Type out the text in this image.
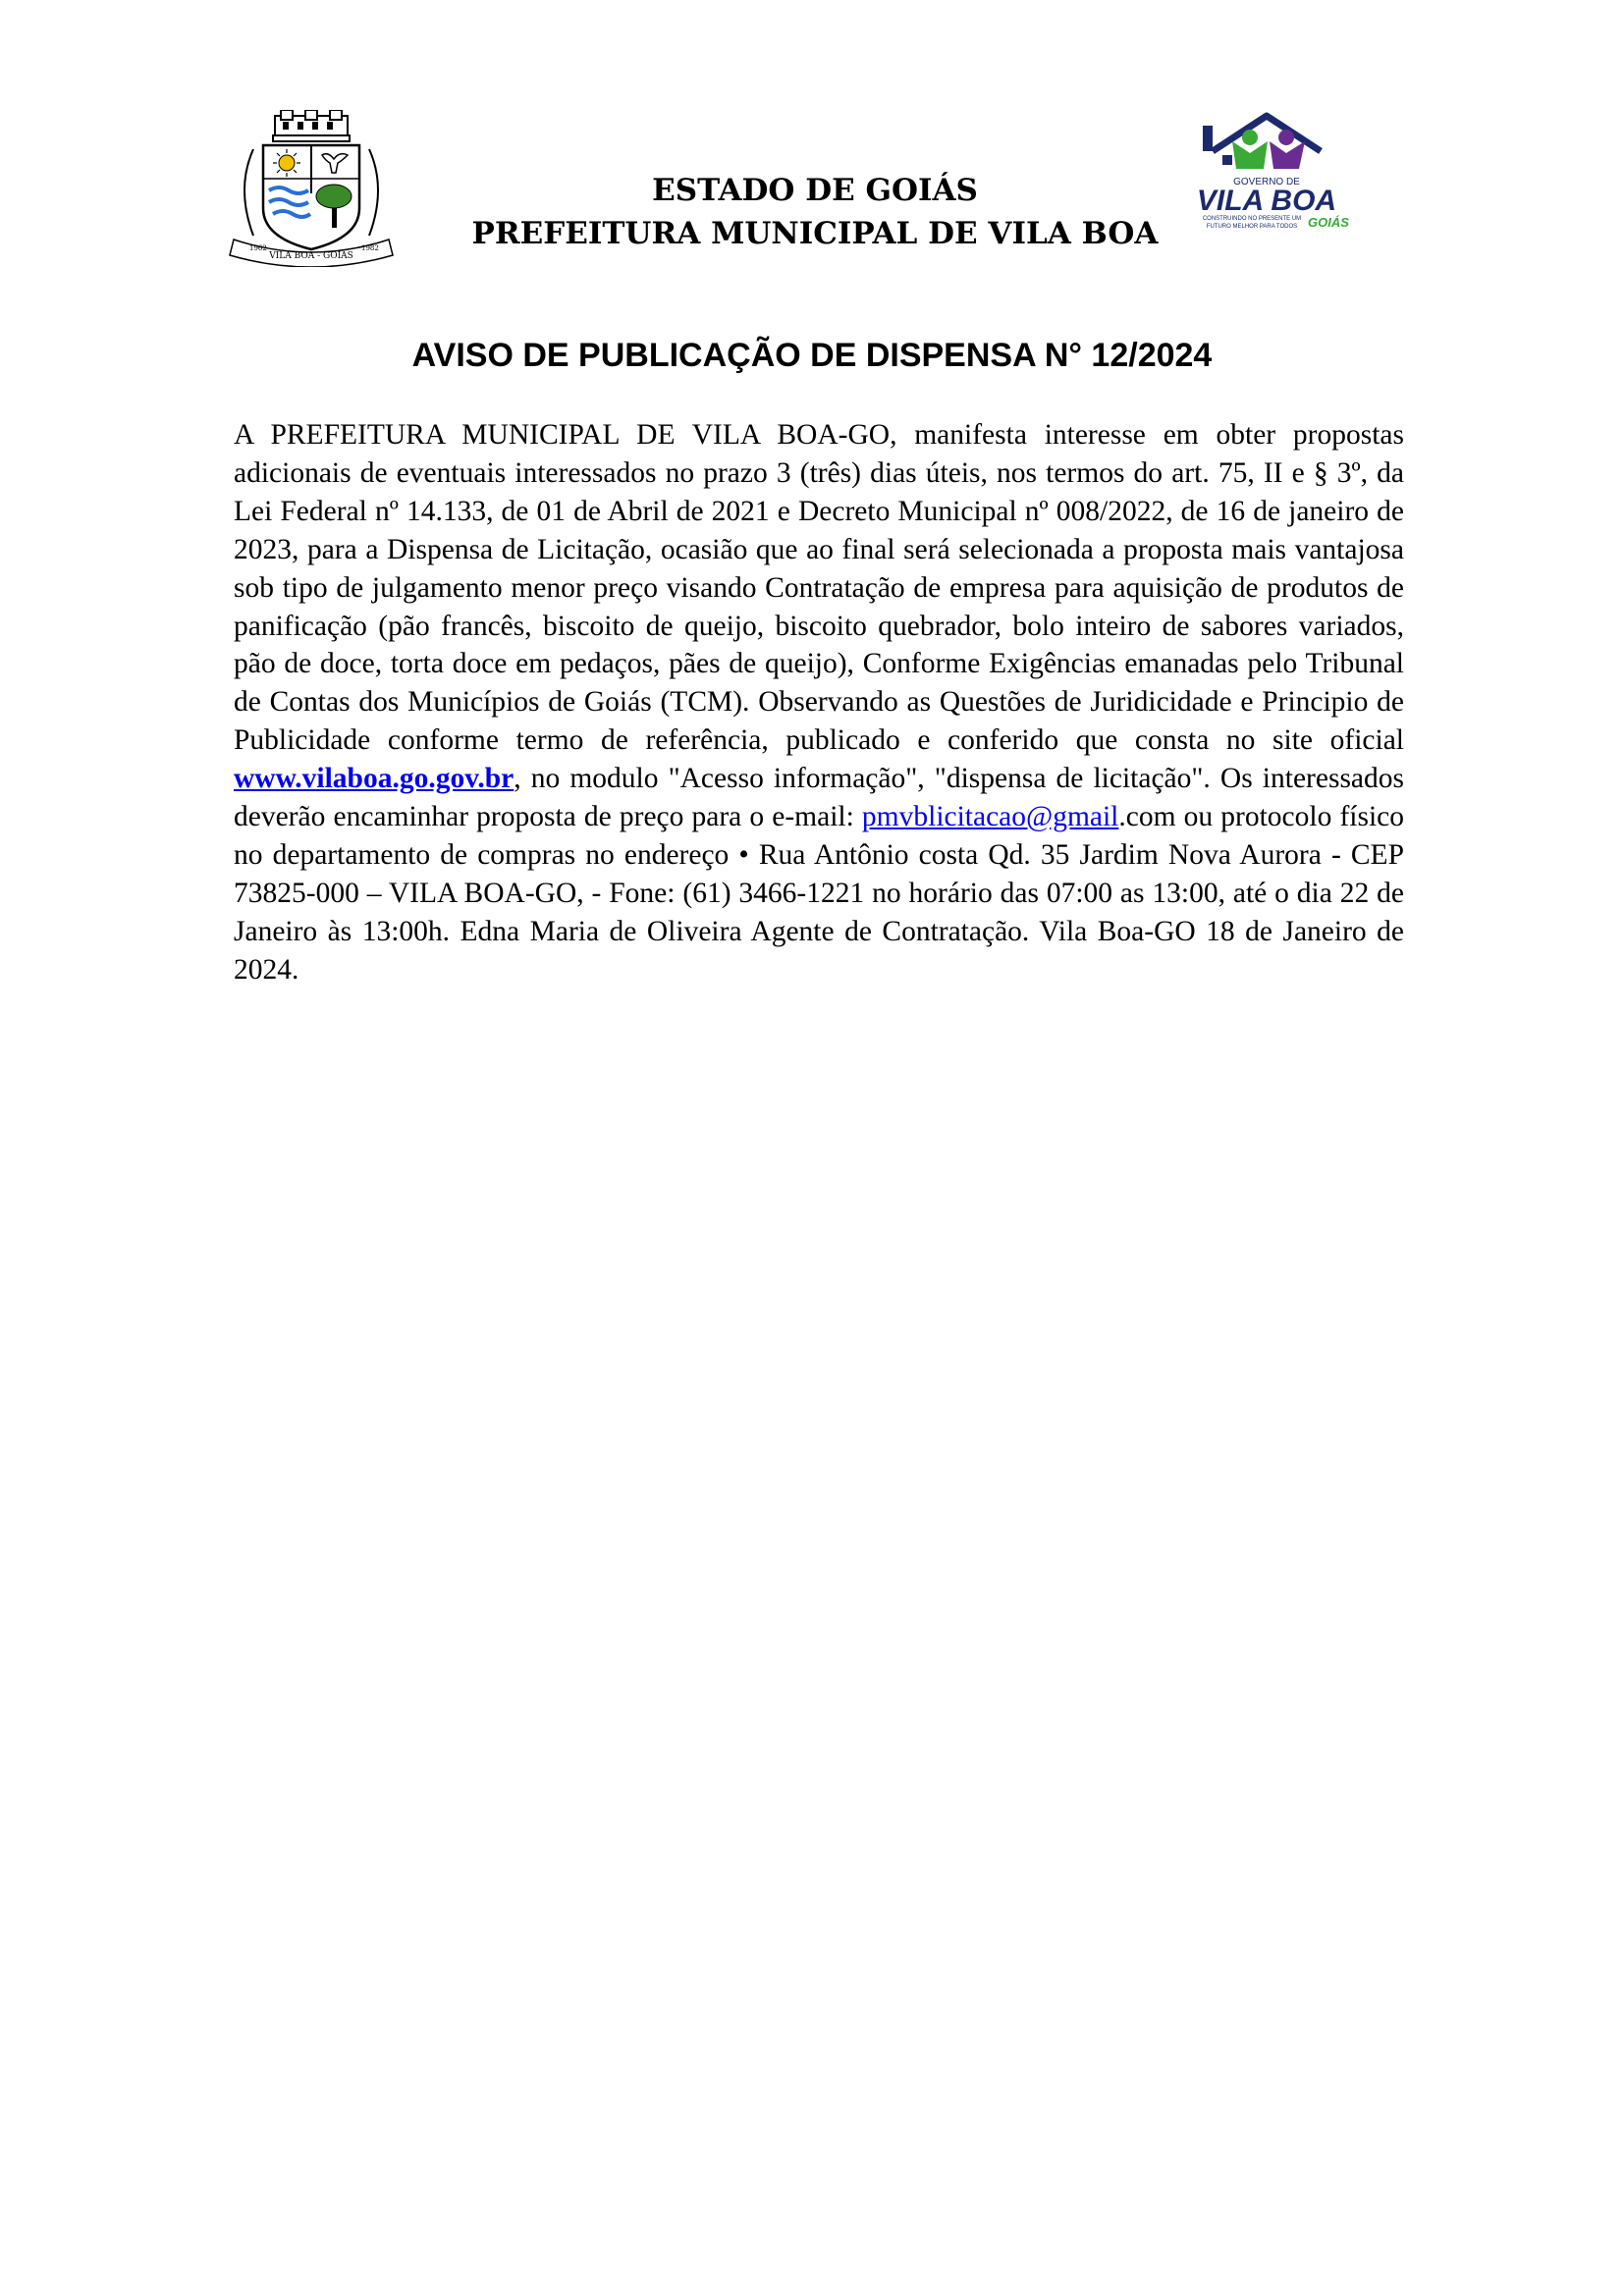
VILA BOA - GOIÁS
1962	1982
GOVERNO DE
VILA BOA
CONSTRUINDO NO PRESENTE UM
FUTURO MELHOR PARA TODOS GOIÁS
ESTADO DE GOIÁS
PREFEITURA MUNICIPAL DE VILA BOA
AVISO DE PUBLICAÇÃO DE DISPENSA N° 12/2024

A PREFEITURA MUNICIPAL DE VILA BOA-GO, manifesta interesse em obter propostas adicionais de eventuais interessados no prazo 3 (três) dias úteis, nos termos do art. 75, II e § 3º, da Lei Federal nº 14.133, de 01 de Abril de 2021 e Decreto Municipal nº 008/2022, de 16 de janeiro de 2023, para a Dispensa de Licitação, ocasião que ao final será selecionada a proposta mais vantajosa sob tipo de julgamento menor preço visando Contratação de empresa para aquisição de produtos de panificação (pão francês, biscoito de queijo, biscoito quebrador, bolo inteiro de sabores variados, pão de doce, torta doce em pedaços, pães de queijo), Conforme Exigências emanadas pelo Tribunal de Contas dos Municípios de Goiás (TCM). Observando as Questões de Juridicidade e Principio de Publicidade conforme termo de referência, publicado e conferido que consta no site oficial www.vilaboa.go.gov.br, no modulo "Acesso informação", "dispensa de licitação". Os interessados deverão encaminhar proposta de preço para o e-mail: pmvblicitacao@gmail.com ou protocolo físico no departamento de compras no endereço • Rua Antônio costa Qd. 35 Jardim Nova Aurora - CEP 73825-000 – VILA BOA-GO, - Fone: (61) 3466-1221 no horário das 07:00 as 13:00, até o dia 22 de Janeiro às 13:00h. Edna Maria de Oliveira Agente de Contratação. Vila Boa-GO 18 de Janeiro de 2024.
